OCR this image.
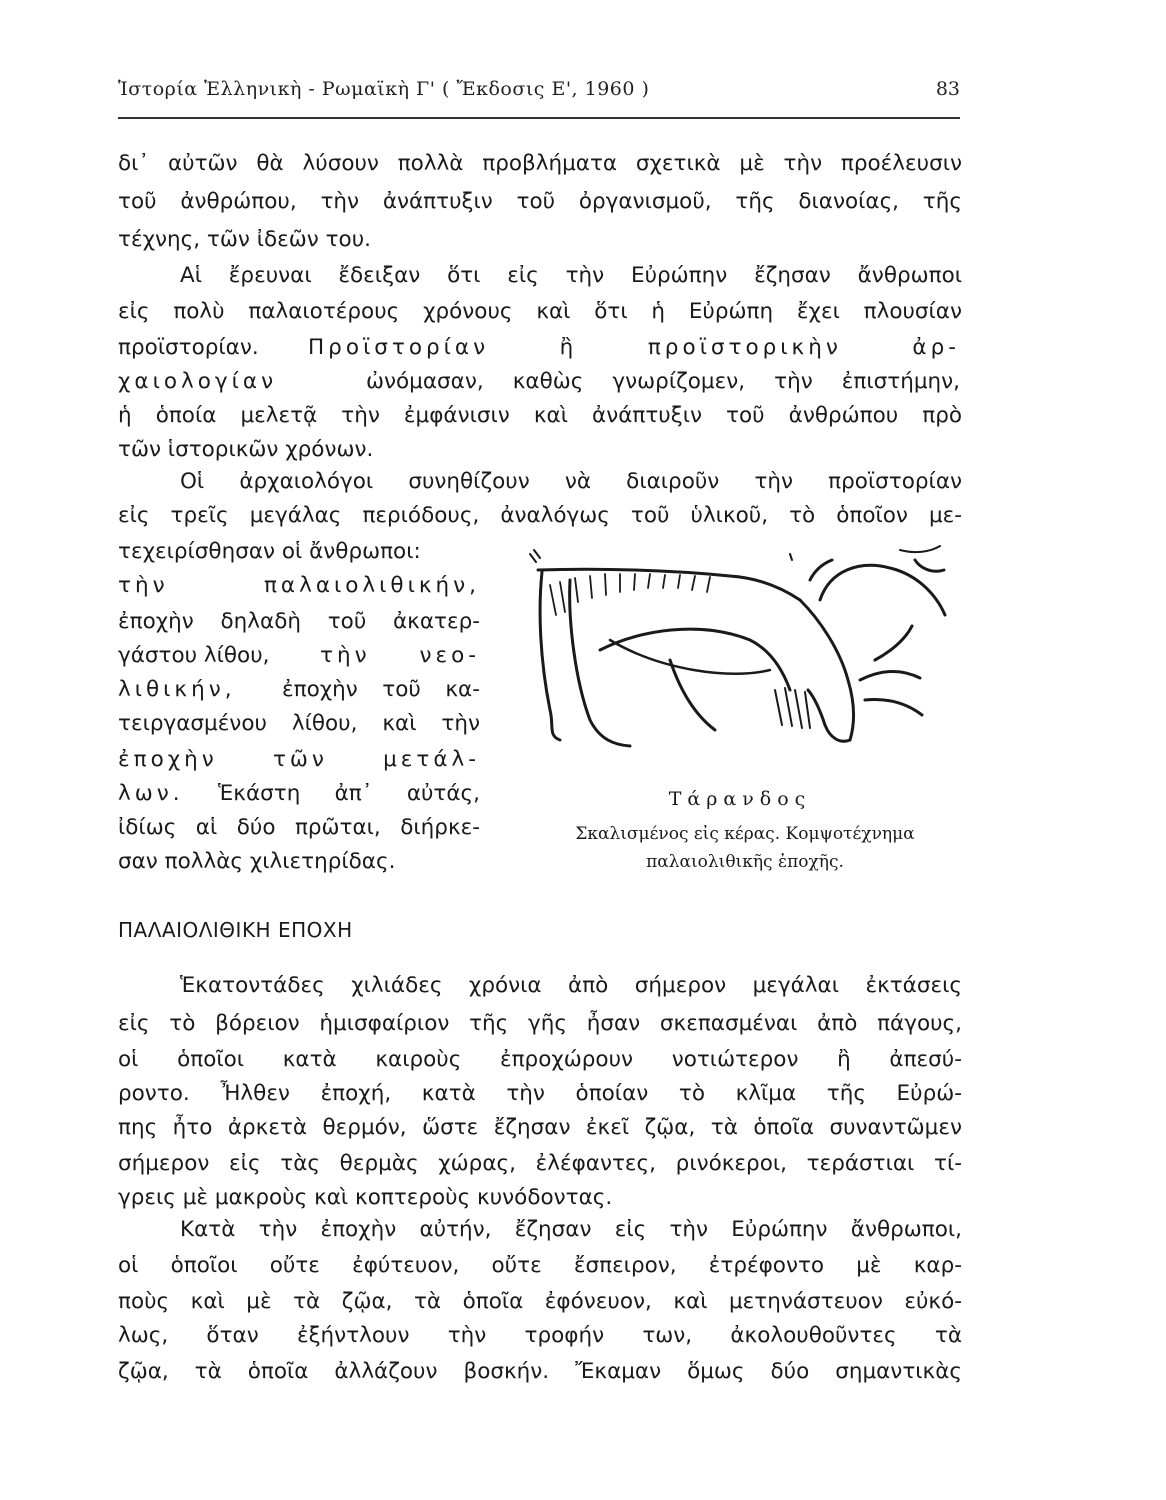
Ἱστορία Ἑλληνικὴ - Ρωμαϊκὴ Γ' ( Ἔκδοσις Ε', 1960 )	83
δι᾽ αὐτῶν θὰ λύσουν πολλὰ προβλήματα σχετικὰ μὲ τὴν προέλευσιν
τοῦ ἀνθρώπου, τὴν ἀνάπτυξιν τοῦ ὀργανισμοῦ, τῆς διανοίας, τῆς
τέχνης, τῶν ἰδεῶν του.
Αἱ ἔρευναι ἔδειξαν ὅτι εἰς τὴν Εὐρώπην ἔζησαν ἄνθρωποι
εἰς πολὺ παλαιοτέρους χρόνους καὶ ὅτι ἡ Εὐρώπη ἔχει πλουσίαν
προϊστορίαν. Προϊστορίαν ἢ προϊστορικὴν ἀρ-
χαιολογίαν	ὠνόμασαν, καθὼς γνωρίζομεν, τὴν ἐπιστήμην,
ἡ ὁποία μελετᾷ τὴν ἐμφάνισιν καὶ ἀνάπτυξιν τοῦ ἀνθρώπου πρὸ
τῶν ἱστορικῶν χρόνων.
Οἱ ἀρχαιολόγοι συνηθίζουν νὰ διαιροῦν τὴν προϊστορίαν
εἰς τρεῖς μεγάλας περιόδους, ἀναλόγως τοῦ ὑλικοῦ, τὸ ὁποῖον με-
τεχειρίσθησαν οἱ ἄνθρωποι:
τὴν παλαιολιθικήν,
ἐποχὴν δηλαδὴ τοῦ ἀκατερ-
γάστου λίθου, τὴν νεο-
λιθικήν, ἐποχὴν τοῦ κα-
τειργασμένου λίθου, καὶ τὴν
ἐποχὴν τῶν μετάλ-
λων. Ἑκάστη ἀπ᾽ αὐτάς,
ἰδίως αἱ δύο πρῶται, διήρκε-
σαν πολλὰς χιλιετηρίδας.
Τάρανδος
Σκαλισμένος εἰς κέρας. Κομψοτέχνημα
παλαιολιθικῆς ἐποχῆς.
ΠΑΛΑΙΟΛΙΘΙΚΗ ΕΠΟΧΗ
Ἑκατοντάδες χιλιάδες χρόνια ἀπὸ σήμερον μεγάλαι ἐκτάσεις
εἰς τὸ βόρειον ἡμισφαίριον τῆς γῆς ἦσαν σκεπασμέναι ἀπὸ πάγους,
οἱ ὁποῖοι κατὰ καιροὺς ἐπροχώρουν νοτιώτερον ἢ ἀπεσύ-
ροντο. Ἦλθεν ἐποχή, κατὰ τὴν ὁποίαν τὸ κλῖμα τῆς Εὐρώ-
πης ἦτο ἀρκετὰ θερμόν, ὥστε ἔζησαν ἐκεῖ ζῷα, τὰ ὁποῖα συναντῶμεν
σήμερον εἰς τὰς θερμὰς χώρας, ἐλέφαντες, ρινόκεροι, τεράστιαι τί-
γρεις μὲ μακροὺς καὶ κοπτεροὺς κυνόδοντας.
Κατὰ τὴν ἐποχὴν αὐτήν, ἔζησαν εἰς τὴν Εὐρώπην ἄνθρωποι,
οἱ ὁποῖοι οὔτε ἐφύτευον, οὔτε ἔσπειρον, ἐτρέφοντο μὲ καρ-
ποὺς καὶ μὲ τὰ ζῷα, τὰ ὁποῖα ἐφόνευον, καὶ μετηνάστευον εὐκό-
λως, ὅταν ἐξήντλουν τὴν τροφήν των, ἀκολουθοῦντες τὰ
ζῷα, τὰ ὁποῖα ἀλλάζουν βοσκήν. Ἔκαμαν ὅμως δύο σημαντικὰς
